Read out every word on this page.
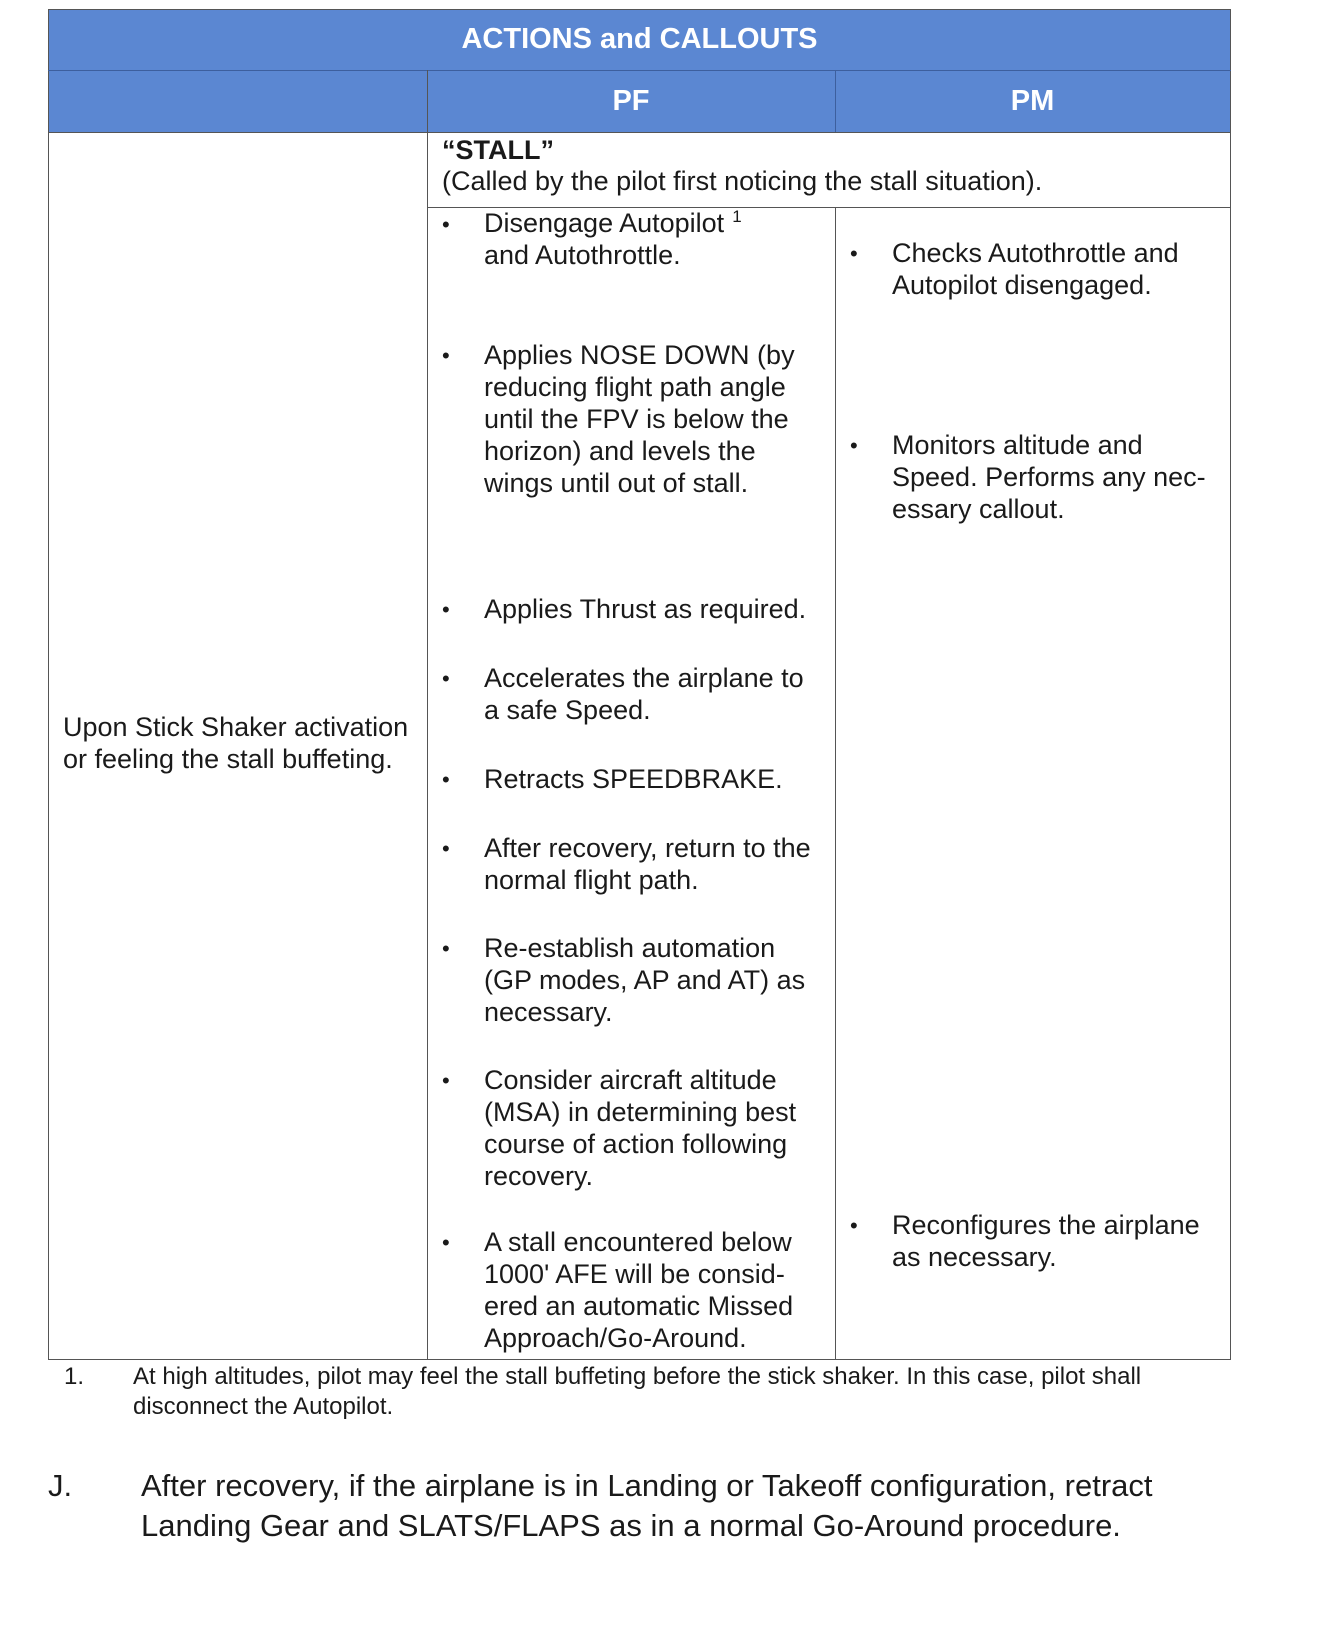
ACTIONS and CALLOUTS
PF	PM
Upon Stick Shaker activation
or feeling the stall buffeting.
“STALL”
(Called by the pilot first noticing the stall situation).
• Disengage Autopilot $^1$
and Autothrottle.
• Applies NOSE DOWN (by
reducing flight path angle
until the FPV is below the
horizon) and levels the
wings until out of stall.
• Applies Thrust as required.
• Accelerates the airplane to
a safe Speed.
• Retracts SPEEDBRAKE.
• After recovery, return to the
normal flight path.
• Re-establish automation
(GP modes, AP and AT) as
necessary.
• Consider aircraft altitude
(MSA) in determining best
course of action following
recovery.
• A stall encountered below
1000' AFE will be consid-
ered an automatic Missed
Approach/Go-Around.
• Checks Autothrottle and
Autopilot disengaged.
• Monitors altitude and
Speed. Performs any nec-
essary callout.
• Reconfigures the airplane
as necessary.
1. At high altitudes, pilot may feel the stall buffeting before the stick shaker. In this case, pilot shall
disconnect the Autopilot.
J. After recovery, if the airplane is in Landing or Takeoff configuration, retract
Landing Gear and SLATS/FLAPS as in a normal Go-Around procedure.
